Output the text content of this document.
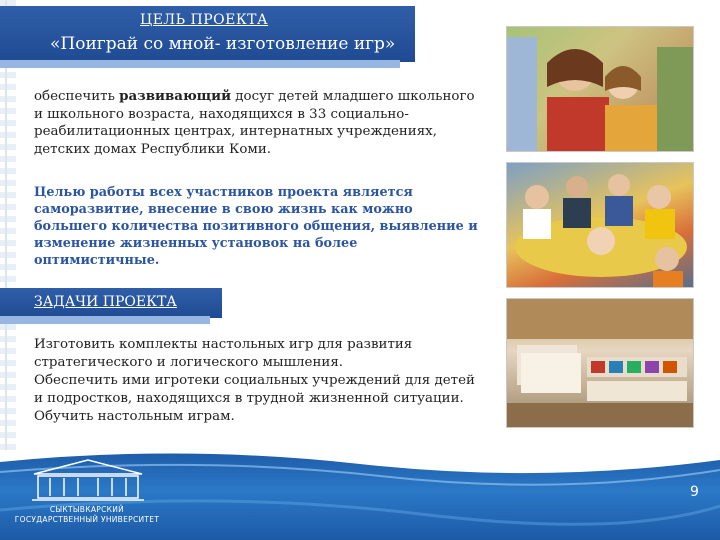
ЦЕЛЬ ПРОЕКТА
«Поиграй со мной- изготовление игр»
обеспечить развивающий досуг детей младшего школьного и школьного возраста, находящихся в 33 социально- реабилитационных центрах, интернатных учреждениях, детских домах Республики Коми.
Целью работы всех участников проекта является саморазвитие, внесение в свою жизнь как можно большего количества позитивного общения, выявление и изменение жизненных установок на более оптимистичные.
ЗАДАЧИ ПРОЕКТА
Изготовить комплекты настольных игр для развития стратегического и логического мышления.
Обеспечить ими игротеки социальных учреждений для детей и подростков, находящихся в трудной жизненной ситуации. Обучить настольным играм.
СЫКТЫВКАРСКИЙ
ГОСУДАРСТВЕННЫЙ УНИВЕРСИТЕТ
9
